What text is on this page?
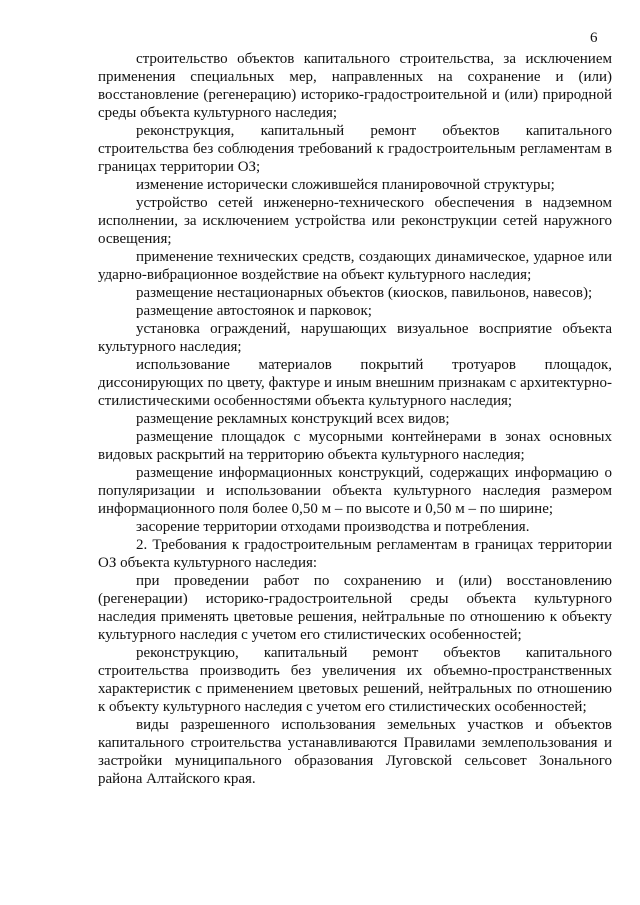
6

строительство объектов капитального строительства, за исключением применения специальных мер, направленных на сохранение и (или) восстановление (регенерацию) историко-градостроительной и (или) природной среды объекта культурного наследия;

реконструкция, капитальный ремонт объектов капитального строительства без соблюдения требований к градостроительным регламентам в границах территории ОЗ;

изменение исторически сложившейся планировочной структуры;

устройство сетей инженерно-технического обеспечения в надземном исполнении, за исключением устройства или реконструкции сетей наружного освещения;

применение технических средств, создающих динамическое, ударное или ударно-вибрационное воздействие на объект культурного наследия;

размещение нестационарных объектов (киосков, павильонов, навесов);

размещение автостоянок и парковок;

установка ограждений, нарушающих визуальное восприятие объекта культурного наследия;

использование материалов покрытий тротуаров площадок, диссонирующих по цвету, фактуре и иным внешним признакам с архитектурно-стилистическими особенностями объекта культурного наследия;

размещение рекламных конструкций всех видов;

размещение площадок с мусорными контейнерами в зонах основных видовых раскрытий на территорию объекта культурного наследия;

размещение информационных конструкций, содержащих информацию о популяризации и использовании объекта культурного наследия размером информационного поля более 0,50 м – по высоте и 0,50 м – по ширине;

засорение территории отходами производства и потребления.

2. Требования к градостроительным регламентам в границах территории ОЗ объекта культурного наследия:

при проведении работ по сохранению и (или) восстановлению (регенерации) историко-градостроительной среды объекта культурного наследия применять цветовые решения, нейтральные по отношению к объекту культурного наследия с учетом его стилистических особенностей;

реконструкцию, капитальный ремонт объектов капитального строительства производить без увеличения их объемно-пространственных характеристик с применением цветовых решений, нейтральных по отношению к объекту культурного наследия с учетом его стилистических особенностей;

виды разрешенного использования земельных участков и объектов капитального строительства устанавливаются Правилами землепользования и застройки муниципального образования Луговской сельсовет Зонального района Алтайского края.
